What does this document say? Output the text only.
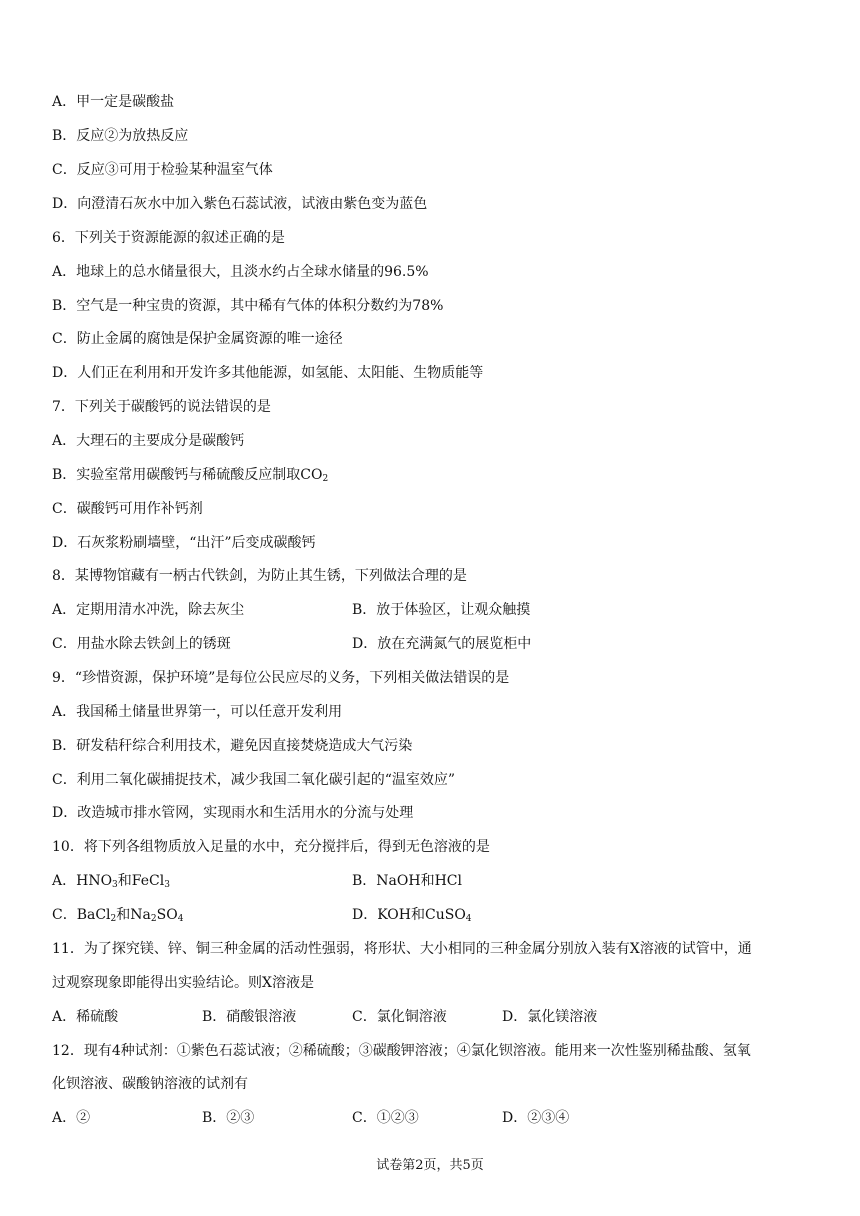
A．甲一定是碳酸盐
B．反应②为放热反应
C．反应③可用于检验某种温室气体
D．向澄清石灰水中加入紫色石蕊试液，试液由紫色变为蓝色
6．下列关于资源能源的叙述正确的是
A．地球上的总水储量很大，且淡水约占全球水储量的96.5%
B．空气是一种宝贵的资源，其中稀有气体的体积分数约为78%
C．防止金属的腐蚀是保护金属资源的唯一途径
D．人们正在利用和开发许多其他能源，如氢能、太阳能、生物质能等
7．下列关于碳酸钙的说法错误的是
A．大理石的主要成分是碳酸钙
B．实验室常用碳酸钙与稀硫酸反应制取$CO_2$
C．碳酸钙可用作补钙剂
D．石灰浆粉刷墙壁，“出汗”后变成碳酸钙
8．某博物馆藏有一柄古代铁剑，为防止其生锈，下列做法合理的是
A．定期用清水冲洗，除去灰尘	B．放于体验区，让观众触摸
C．用盐水除去铁剑上的锈斑	D．放在充满氮气的展览柜中
9．“珍惜资源，保护环境”是每位公民应尽的义务，下列相关做法错误的是
A．我国稀土储量世界第一，可以任意开发利用
B．研发秸秆综合利用技术，避免因直接焚烧造成大气污染
C．利用二氧化碳捕捉技术，减少我国二氧化碳引起的“温室效应”
D．改造城市排水管网，实现雨水和生活用水的分流与处理
10．将下列各组物质放入足量的水中，充分搅拌后，得到无色溶液的是
A．$HNO_3$和FeCl$_3$	B．NaOH和HCl
C．BaCl$_2$和$Na_2SO_4$	D．KOH和CuSO$_4$
11．为了探究镁、锌、铜三种金属的活动性强弱，将形状、大小相同的三种金属分别放入装有X溶液的试管中，通
过观察现象即能得出实验结论。则X溶液是
A．稀硫酸	B．硝酸银溶液	C．氯化铜溶液	D．氯化镁溶液
12．现有4种试剂：①紫色石蕊试液；②稀硫酸；③碳酸钾溶液；④氯化钡溶液。能用来一次性鉴别稀盐酸、氢氧
化钡溶液、碳酸钠溶液的试剂有
A．②	B．②③	C．①②③	D．②③④
试卷第2页，共5页
